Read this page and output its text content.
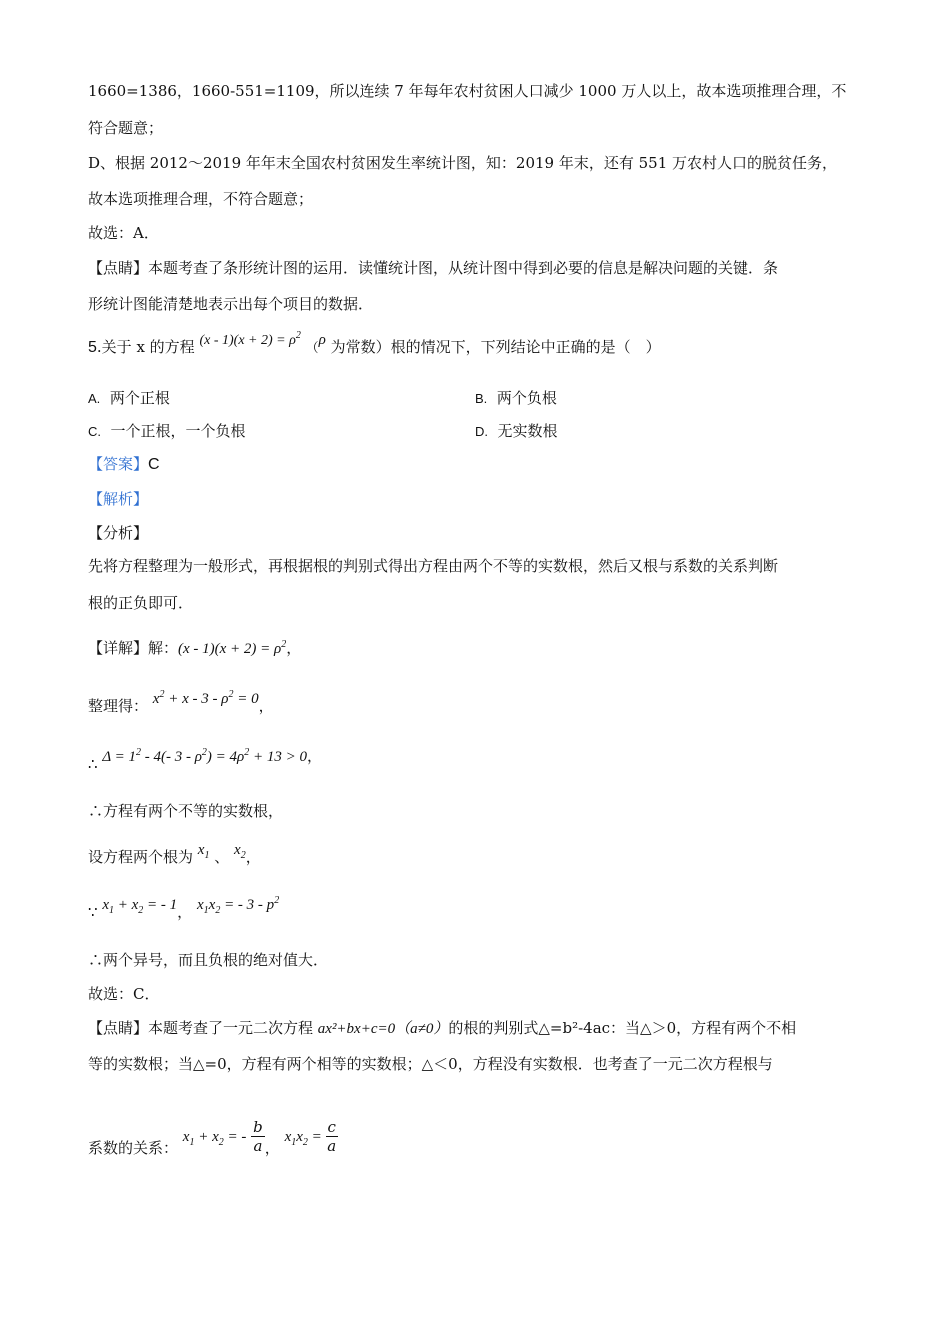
1660=1386，1660-551=1109，所以连续 7 年每年农村贫困人口减少 1000 万人以上，故本选项推理合理，不
符合题意；
D、根据 2012～2019 年年末全国农村贫困发生率统计图，知：2019 年末，还有 551 万农村人口的脱贫任务，
故本选项推理合理，不符合题意；
故选：A．
【点睛】本题考查了条形统计图的运用．读懂统计图，从统计图中得到必要的信息是解决问题的关键．条
形统计图能清楚地表示出每个项目的数据．
5.关于 x 的方程 $(x - 1)(x + 2) = \rho^2$ （ρ 为常数）根的情况下，下列结论中正确的是（　）
A. 两个正根	B. 两个负根
C. 一个正根，一个负根	D. 无实数根
【答案】C
【解析】
【分析】
先将方程整理为一般形式，再根据根的判别式得出方程由两个不等的实数根，然后又根与系数的关系判断
根的正负即可．
【详解】解：$(x - 1)(x + 2) = \rho^2$，
整理得： $x^2 + x - 3 - \rho^2 = 0$，
∴ $\Delta = 1^2 - 4(-$ $3 - \rho^2) = 4\rho^2 + 13 > 0$，
∴方程有两个不等的实数根，
设方程两个根为 $x_1$ 、 $x_2$，
∵ $x_1 + x_2$ = - 1， $x_1x_2$ = - $3 - p^2$
∴两个异号，而且负根的绝对值大．
故选：C．
【点睛】本题考查了一元二次方程 ax²+bx+c=0（a≠0）的根的判别式△=b²-4ac：当△＞0，方程有两个不相
等的实数根；当△=0，方程有两个相等的实数根；△＜0，方程没有实数根．也考查了一元二次方程根与
系数的关系： $x_1 + x_2$ = - $\frac{b}{a}$ ， $x_1x_2 = \frac{c}{a}$
